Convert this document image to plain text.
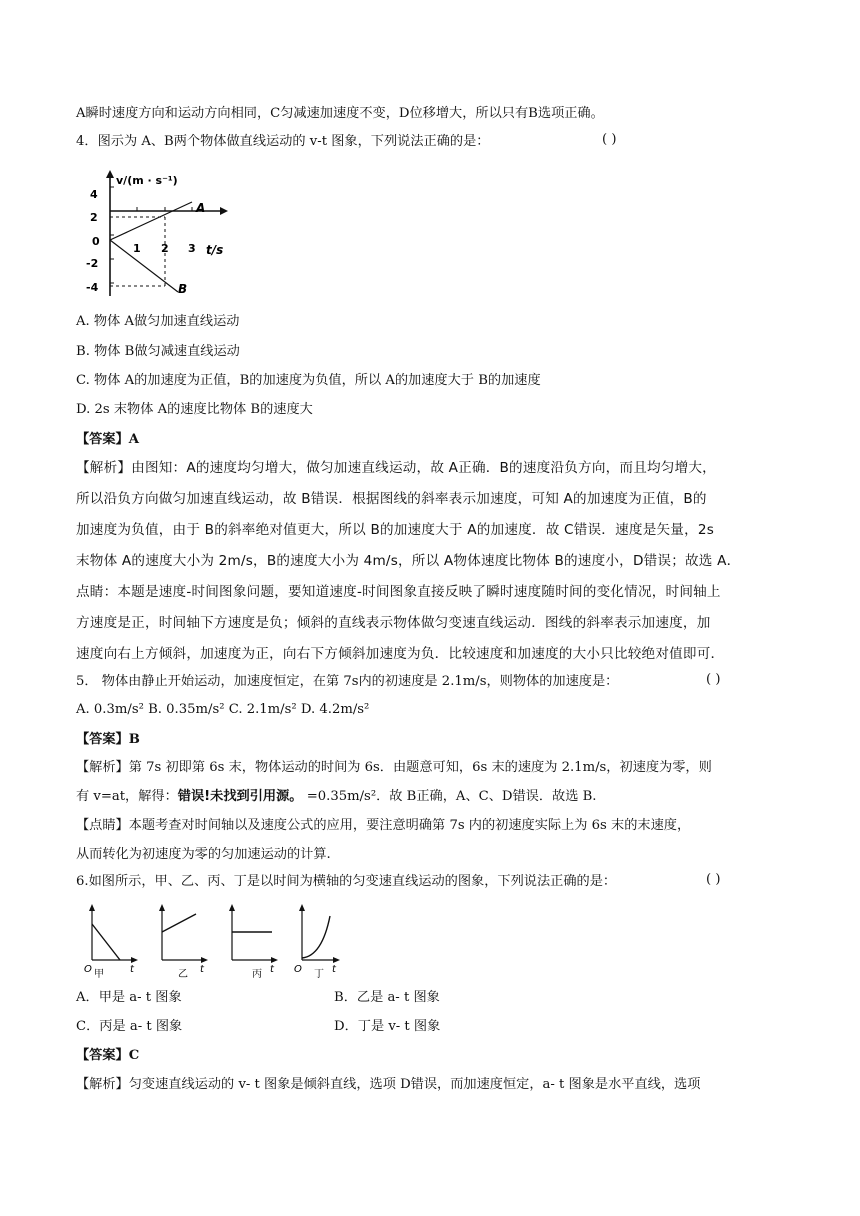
A瞬时速度方向和运动方向相同，C匀减速加速度不变，D位移增大，所以只有B选项正确。
4．图示为 A、B两个物体做直线运动的 v-t 图象，下列说法正确的是：	( )
v/(m · s⁻¹)
4
2
0
-2
-4
1 2 3 t/s
A
B
A. 物体 A做匀加速直线运动
B. 物体 B做匀减速直线运动
C. 物体 A的加速度为正值，B的加速度为负值，所以 A的加速度大于 B的加速度
D. 2s 末物体 A的速度比物体 B的速度大
【答案】A
【解析】由图知：A的速度均匀增大，做匀加速直线运动，故 A正确．B的速度沿负方向，而且均匀增大，
所以沿负方向做匀加速直线运动，故 B错误．根据图线的斜率表示加速度，可知 A的加速度为正值，B的
加速度为负值，由于 B的斜率绝对值更大，所以 B的加速度大于 A的加速度．故 C错误．速度是矢量，2s
末物体 A的速度大小为 2m/s，B的速度大小为 4m/s，所以 A物体速度比物体 B的速度小，D错误；故选 A．
点睛：本题是速度-时间图象问题，要知道速度-时间图象直接反映了瞬时速度随时间的变化情况，时间轴上
方速度是正，时间轴下方速度是负；倾斜的直线表示物体做匀变速直线运动．图线的斜率表示加速度，加
速度向右上方倾斜，加速度为正，向右下方倾斜加速度为负．比较速度和加速度的大小只比较绝对值即可．
5． 物体由静止开始运动，加速度恒定，在第 7s内的初速度是 2.1m/s，则物体的加速度是：	( )
A. 0.3m/s² B. 0.35m/s² C. 2.1m/s² D. 4.2m/s²
【答案】B
【解析】第 7s 初即第 6s 末，物体运动的时间为 6s．由题意可知，6s 末的速度为 2.1m/s，初速度为零，则
有 v=at，解得：错误!未找到引用源。 =0.35m/s²．故 B正确，A、C、D错误．故选 B.
【点睛】本题考查对时间轴以及速度公式的应用，要注意明确第 7s 内的初速度实际上为 6s 末的末速度，
从而转化为初速度为零的匀加速运动的计算.
6.如图所示，甲、乙、丙、丁是以时间为横轴的匀变速直线运动的图象，下列说法正确的是：	( )
O	t
甲	t
乙	t
丙	O	t
丁
A．甲是 a- t 图象	B．乙是 a- t 图象
C．丙是 a- t 图象	D．丁是 v- t 图象
【答案】C
【解析】匀变速直线运动的 v- t 图象是倾斜直线，选项 D错误，而加速度恒定，a- t 图象是水平直线，选项
